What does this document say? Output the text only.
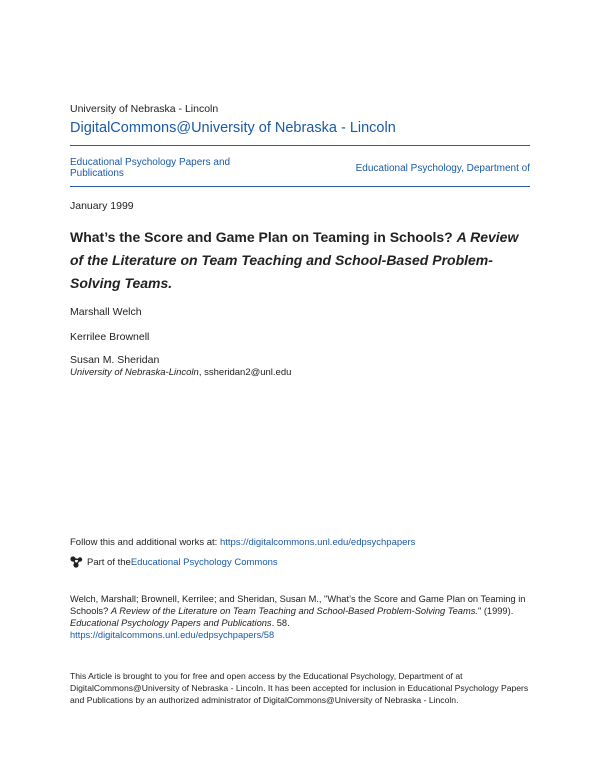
University of Nebraska - Lincoln
DigitalCommons@University of Nebraska - Lincoln
Educational Psychology Papers and Publications	Educational Psychology, Department of
January 1999
What’s the Score and Game Plan on Teaming in Schools? A Review of the Literature on Team Teaching and School-Based Problem-Solving Teams.
Marshall Welch
Kerrilee Brownell
Susan M. Sheridan
University of Nebraska-Lincoln, ssheridan2@unl.edu
Follow this and additional works at: https://digitalcommons.unl.edu/edpsychpapers
Part of the Educational Psychology Commons
Welch, Marshall; Brownell, Kerrilee; and Sheridan, Susan M., "What’s the Score and Game Plan on Teaming in Schools? A Review of the Literature on Team Teaching and School-Based Problem-Solving Teams." (1999). Educational Psychology Papers and Publications. 58.
https://digitalcommons.unl.edu/edpsychpapers/58
This Article is brought to you for free and open access by the Educational Psychology, Department of at DigitalCommons@University of Nebraska - Lincoln. It has been accepted for inclusion in Educational Psychology Papers and Publications by an authorized administrator of DigitalCommons@University of Nebraska - Lincoln.
